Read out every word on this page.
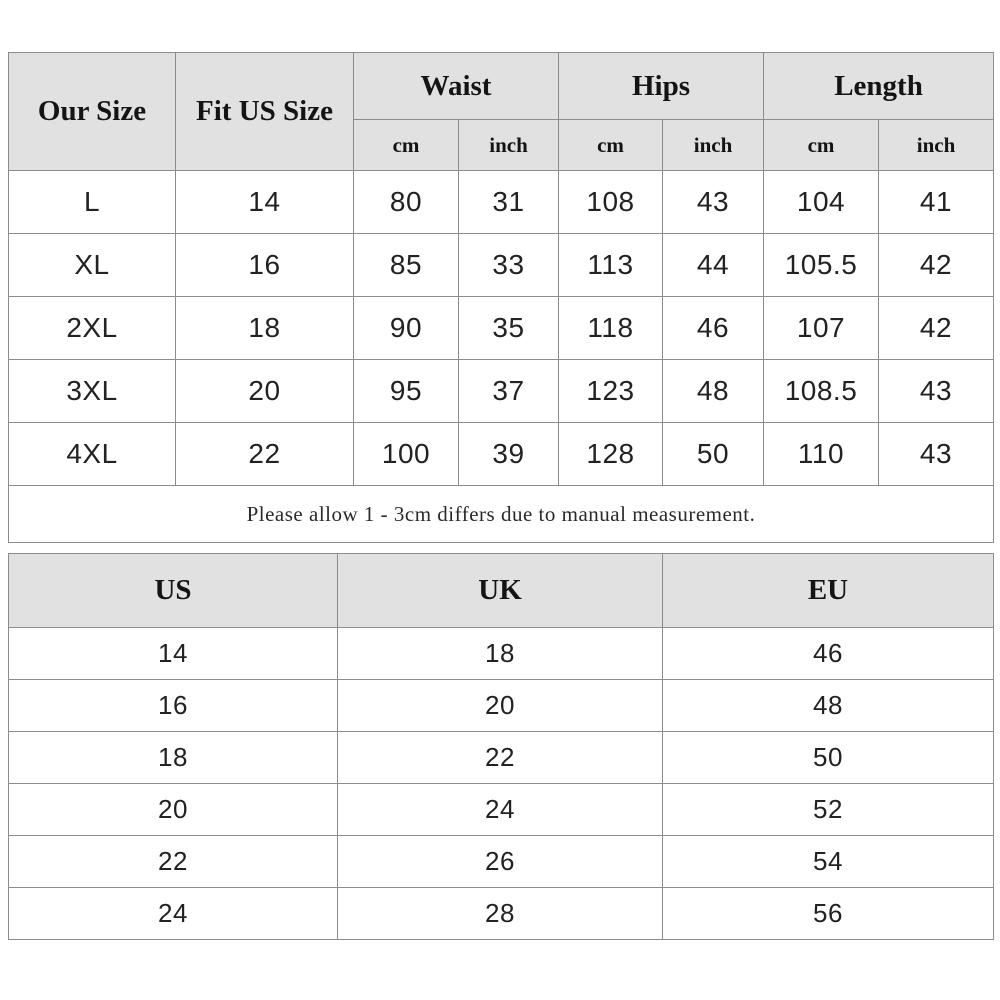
Our Size	Fit US Size	Waist		Hips		Length	
		cm	inch	cm	inch	cm	inch
L	14	80	31	108	43	104	41
XL	16	85	33	113	44	105.5	42
2XL	18	90	35	118	46	107	42
3XL	20	95	37	123	48	108.5	43
4XL	22	100	39	128	50	110	43
Please allow 1 - 3cm differs due to manual measurement.							
US	UK	EU
14	18	46
16	20	48
18	22	50
20	24	52
22	26	54
24	28	56
